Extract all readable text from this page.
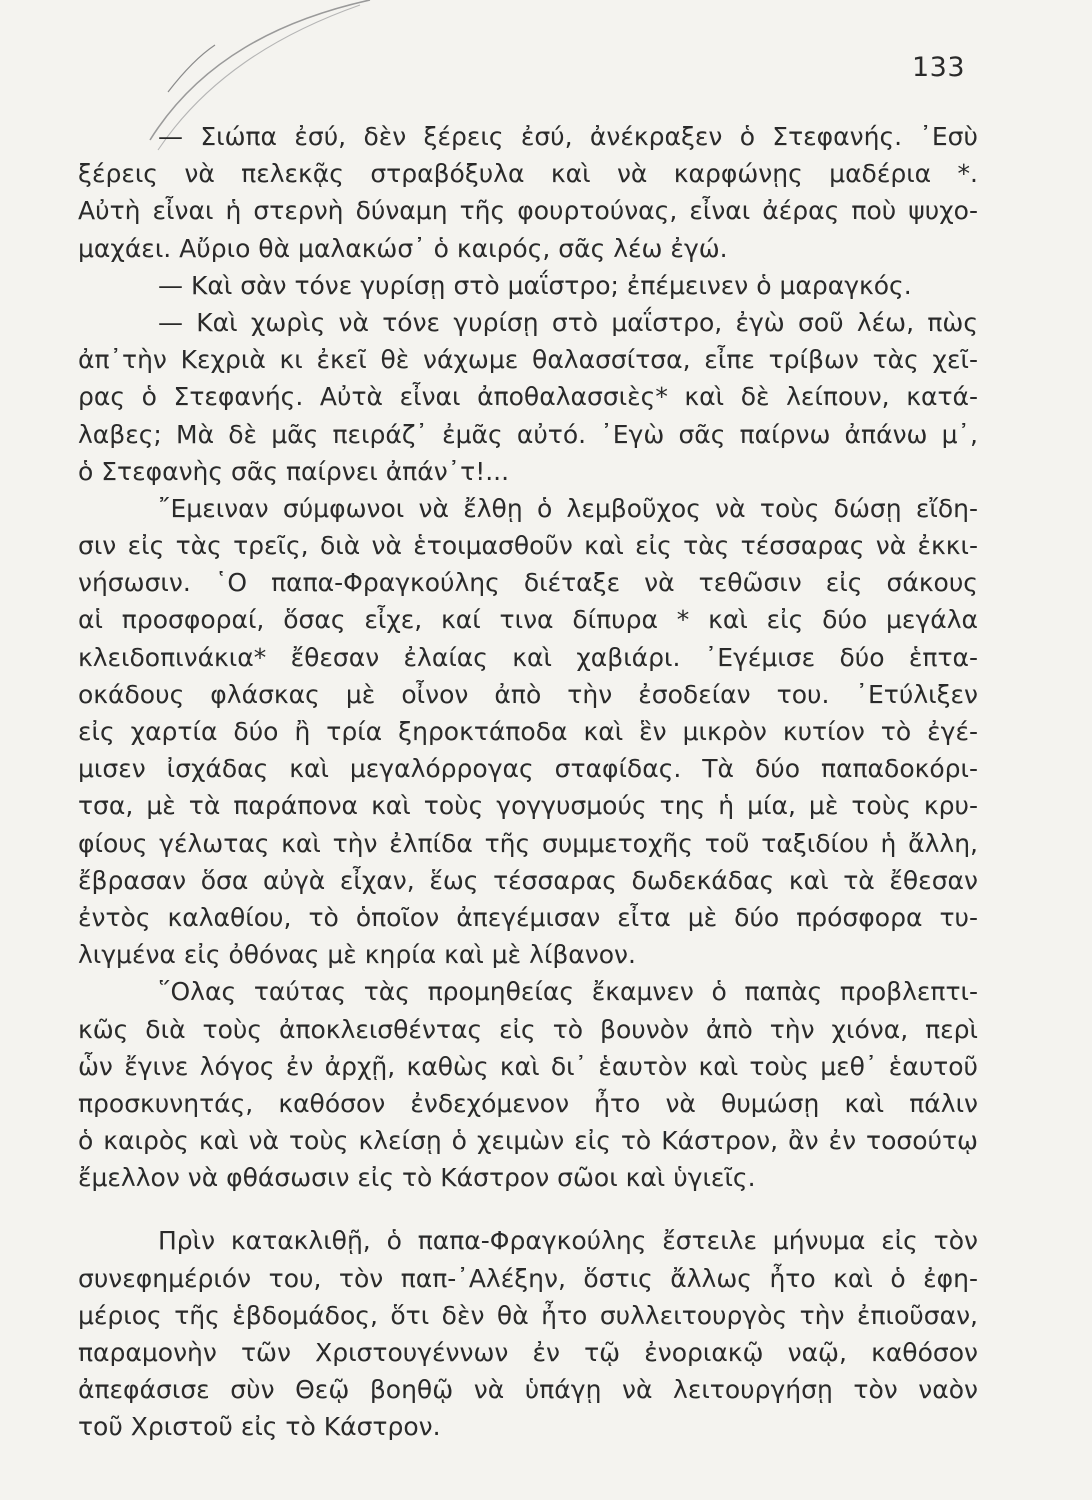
133
— Σιώπα ἐσύ, δὲν ξέρεις ἐσύ, ἀνέκραξεν ὁ Στεφανής. ᾿Εσὺ
ξέρεις νὰ πελεκᾷς στραβόξυλα καὶ νὰ καρφώνῃς μαδέρια *.
Αὐτὴ εἶναι ἡ στερνὴ δύναμη τῆς φουρτούνας, εἶναι ἀέρας ποὺ ψυχο-
μαχάει. Αὔριο θὰ μαλακώσ᾿ ὁ καιρός, σᾶς λέω ἐγώ.
— Καὶ σὰν τόνε γυρίσῃ στὸ μαΐστρο; ἐπέμεινεν ὁ μαραγκός.
— Καὶ χωρὶς νὰ τόνε γυρίσῃ στὸ μαΐστρο, ἐγὼ σοῦ λέω, πὼς
ἀπ᾿τὴν Κεχριὰ κι ἐκεῖ θὲ νάχωμε θαλασσίτσα, εἶπε τρίβων τὰς χεῖ-
ρας ὁ Στεφανής. Αὐτὰ εἶναι ἀποθαλασσιὲς* καὶ δὲ λείπουν, κατά-
λαβες; Μὰ δὲ μᾶς πειράζ᾿ ἐμᾶς αὐτό. ᾿Εγὼ σᾶς παίρνω ἀπάνω μ᾿,
ὁ Στεφανὴς σᾶς παίρνει ἀπάν᾿τ!...
῎Εμειναν σύμφωνοι νὰ ἔλθῃ ὁ λεμβοῦχος νὰ τοὺς δώσῃ εἴδη-
σιν εἰς τὰς τρεῖς, διὰ νὰ ἑτοιμασθοῦν καὶ εἰς τὰς τέσσαρας νὰ ἐκκι-
νήσωσιν. ῾Ο παπα-Φραγκούλης διέταξε νὰ τεθῶσιν εἰς σάκους
αἱ προσφοραί, ὅσας εἶχε, καί τινα δίπυρα * καὶ εἰς δύο μεγάλα
κλειδοπινάκια* ἔθεσαν ἐλαίας καὶ χαβιάρι. ᾿Εγέμισε δύο ἑπτα-
οκάδους φλάσκας μὲ οἶνον ἀπὸ τὴν ἐσοδείαν του. ᾿Ετύλιξεν
εἰς χαρτία δύο ἢ τρία ξηροκτάποδα καὶ ἓν μικρὸν κυτίον τὸ ἐγέ-
μισεν ἰσχάδας καὶ μεγαλόρρογας σταφίδας. Τὰ δύο παπαδοκόρι-
τσα, μὲ τὰ παράπονα καὶ τοὺς γογγυσμούς της ἡ μία, μὲ τοὺς κρυ-
φίους γέλωτας καὶ τὴν ἐλπίδα τῆς συμμετοχῆς τοῦ ταξιδίου ἡ ἄλλη,
ἔβρασαν ὅσα αὐγὰ εἶχαν, ἕως τέσσαρας δωδεκάδας καὶ τὰ ἔθεσαν
ἐντὸς καλαθίου, τὸ ὁποῖον ἀπεγέμισαν εἶτα μὲ δύο πρόσφορα τυ-
λιγμένα εἰς ὀθόνας μὲ κηρία καὶ μὲ λίβανον.
῞Ολας ταύτας τὰς προμηθείας ἔκαμνεν ὁ παπὰς προβλεπτι-
κῶς διὰ τοὺς ἀποκλεισθέντας εἰς τὸ βουνὸν ἀπὸ τὴν χιόνα, περὶ
ὧν ἔγινε λόγος ἐν ἀρχῇ, καθὼς καὶ δι᾿ ἑαυτὸν καὶ τοὺς μεθ᾿ ἑαυτοῦ
προσκυνητάς, καθόσον ἐνδεχόμενον ἦτο νὰ θυμώσῃ καὶ πάλιν
ὁ καιρὸς καὶ νὰ τοὺς κλείσῃ ὁ χειμὼν εἰς τὸ Κάστρον, ἂν ἐν τοσούτῳ
ἔμελλον νὰ φθάσωσιν εἰς τὸ Κάστρον σῶοι καὶ ὑγιεῖς.
Πρὶν κατακλιθῇ, ὁ παπα-Φραγκούλης ἔστειλε μήνυμα εἰς τὸν
συνεφημέριόν του, τὸν παπ-᾿Αλέξην, ὅστις ἄλλως ἦτο καὶ ὁ ἐφη-
μέριος τῆς ἑβδομάδος, ὅτι δὲν θὰ ἦτο συλλειτουργὸς τὴν ἐπιοῦσαν,
παραμονὴν τῶν Χριστουγέννων ἐν τῷ ἐνοριακῷ ναῷ, καθόσον
ἀπεφάσισε σὺν Θεῷ βοηθῷ νὰ ὑπάγῃ νὰ λειτουργήσῃ τὸν ναὸν
τοῦ Χριστοῦ εἰς τὸ Κάστρον.
